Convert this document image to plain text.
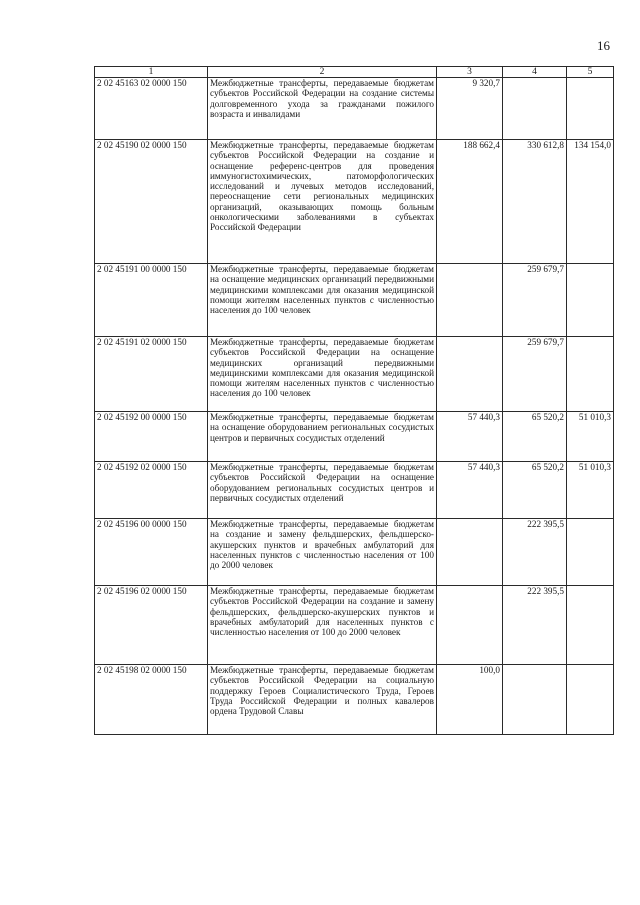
16
1	2	3	4	5
2 02 45163 02 0000 150	Межбюджетные трансферты, передаваемые бюджетам субъектов Российской Федерации на создание системы долговременного ухода за гражданами пожилого возраста и инвалидами	9 320,7		
2 02 45190 02 0000 150	Межбюджетные трансферты, передаваемые бюджетам субъектов Российской Федерации на создание и оснащение референс-центров для проведения иммуногистохимических, патоморфологических исследований и лучевых методов исследований, переоснащение сети региональных медицинских организаций, оказывающих помощь больным онкологическими заболеваниями в субъектах Российской Федерации	188 662,4	330 612,8	134 154,0
2 02 45191 00 0000 150	Межбюджетные трансферты, передаваемые бюджетам на оснащение медицинских организаций передвижными медицинскими комплексами для оказания медицинской помощи жителям населенных пунктов с численностью населения до 100 человек		259 679,7	
2 02 45191 02 0000 150	Межбюджетные трансферты, передаваемые бюджетам субъектов Российской Федерации на оснащение медицинских организаций передвижными медицинскими комплексами для оказания медицинской помощи жителям населенных пунктов с численностью населения до 100 человек		259 679,7	
2 02 45192 00 0000 150	Межбюджетные трансферты, передаваемые бюджетам на оснащение оборудованием региональных сосудистых центров и первичных сосудистых отделений	57 440,3	65 520,2	51 010,3
2 02 45192 02 0000 150	Межбюджетные трансферты, передаваемые бюджетам субъектов Российской Федерации на оснащение оборудованием региональных сосудистых центров и первичных сосудистых отделений	57 440,3	65 520,2	51 010,3
2 02 45196 00 0000 150	Межбюджетные трансферты, передаваемые бюджетам на создание и замену фельдшерских, фельдшерско-акушерских пунктов и врачебных амбулаторий для населенных пунктов с численностью населения от 100 до 2000 человек		222 395,5	
2 02 45196 02 0000 150	Межбюджетные трансферты, передаваемые бюджетам субъектов Российской Федерации на создание и замену фельдшерских, фельдшерско-акушерских пунктов и врачебных амбулаторий для населенных пунктов с численностью населения от 100 до 2000 человек		222 395,5	
2 02 45198 02 0000 150	Межбюджетные трансферты, передаваемые бюджетам субъектов Российской Федерации на социальную поддержку Героев Социалистического Труда, Героев Труда Российской Федерации и полных кавалеров ордена Трудовой Славы	100,0		
